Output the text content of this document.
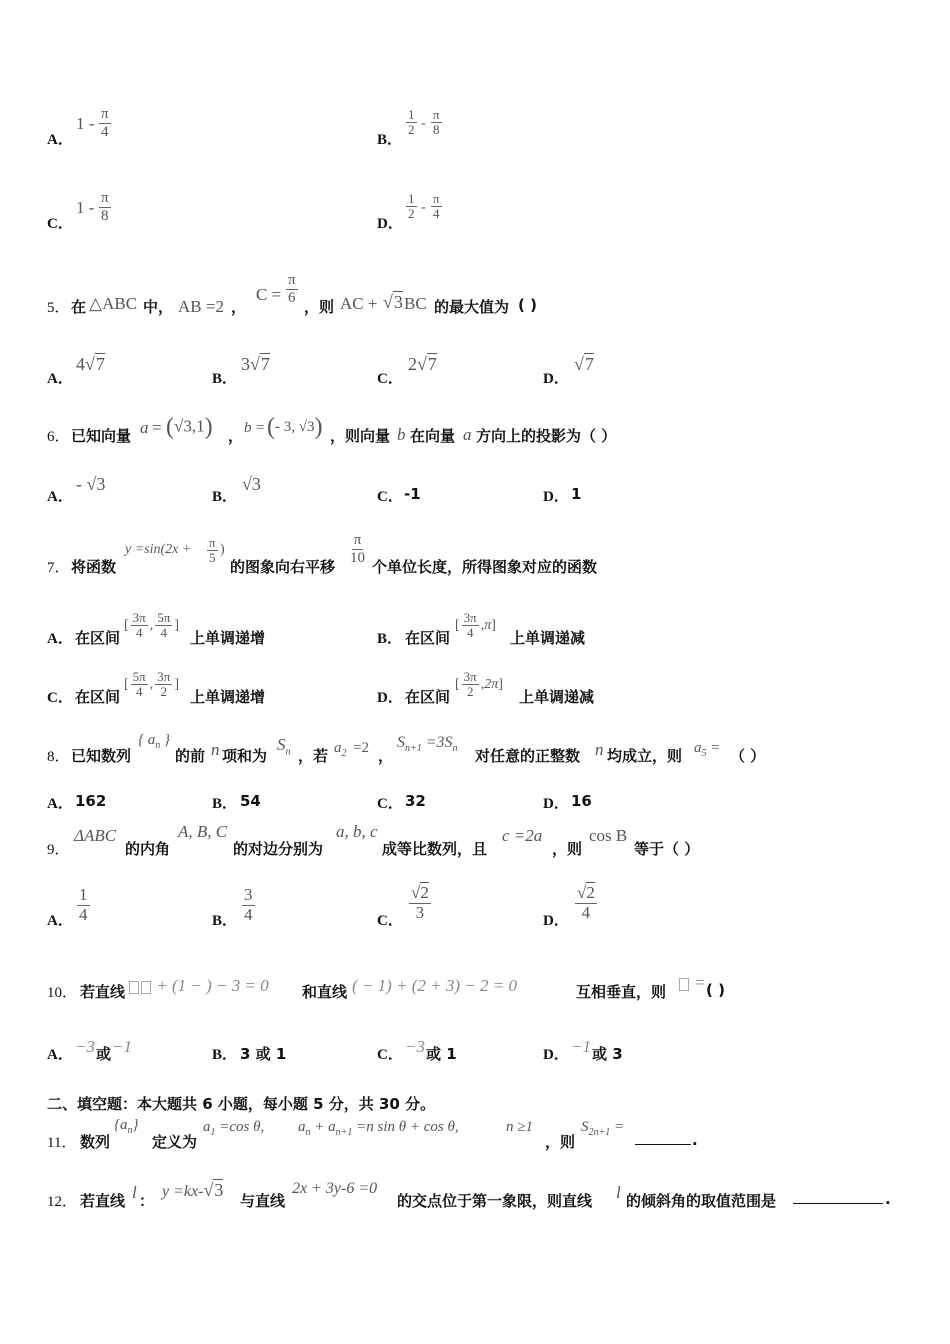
A．
$1 - \frac{\pi}{4}$	B．
$\frac{1}{2} - \frac{\pi}{8}$
C．
$1 - \frac{\pi}{8}$	D．
$\frac{1}{2} - \frac{\pi}{4}$
5． 在 △ABC 中， AB =2 ，
$C = \frac{\pi}{6}$
，则 AC + √3 BC 的最大值为 ( )
A．
4√7
B．
3√7
C．
2√7
D．
√7
6． 已知向量 a = (√3,1) ， b = (- 3, √3) ，则向量 b 在向量 a 方向上的投影为（ ）
A．
- √3
B．
√3
C． -1	D． 1
7． 将函数
$y =\sin(2x + \frac{\pi}{5}$ )
的图象向右平移
$\frac{\pi}{10}$
个单位长度，所得图象对应的函数
A． 在区间
[ $\frac{3\pi}{4}$ , $\frac{5\pi}{4}$ ]
上单调递增	B． 在区间
[ $\frac{3\pi}{4} ,\pi$]
上单调递减
C． 在区间
[ $\frac{5\pi}{4}$ , $\frac{3\pi}{2}$ ]
上单调递增	D． 在区间
[ $\frac{3\pi}{2} ,2\pi$]
上单调递减
8． 已知数列
{ $a_n$ }
的前 n 项和为
$S_n$ ，若 $a_2 =2$ ，
$S_{n+1} =3S_n$ 对任意的正整数 n 均成立，则 $a_5$ = （ ）
A． 162	B． 54	C． 32	D． 16
9．
ΔABC
的内角
A, B, C
的对边分别为
a, b, c
成等比数列，且
c =2a
，则
cos B
等于（ ）
A． $\frac{1}{4}$	B． $\frac{3}{4}$	C． $\frac{√2}{3}$	D． $\frac{√2}{4}$
10． 若直线	+ (1 − ) − 3 = 0 和直线 ( − 1) + (2 + 3) − 2 = 0	互相垂直，则	= ( )
A． −3 或 −1	B． 3 或 1	C． −3 或 1	D． −1 或 3
二、填空题：本大题共 6 小题，每小题 5 分，共 30 分。
11． 数列
$\{a_n\}$
定义为
$a_1 =\cos$ θ, $a_n + a_{n+1} =n$ sin θ + cos θ,	n ≥1
，则
$S_{2n+1}$ =
.
12． 若直线 l ：
y =kx-√3
与直线
2x + 3y-6 =0
的交点位于第一象限，则直线 l 的倾斜角的取值范围是	.
